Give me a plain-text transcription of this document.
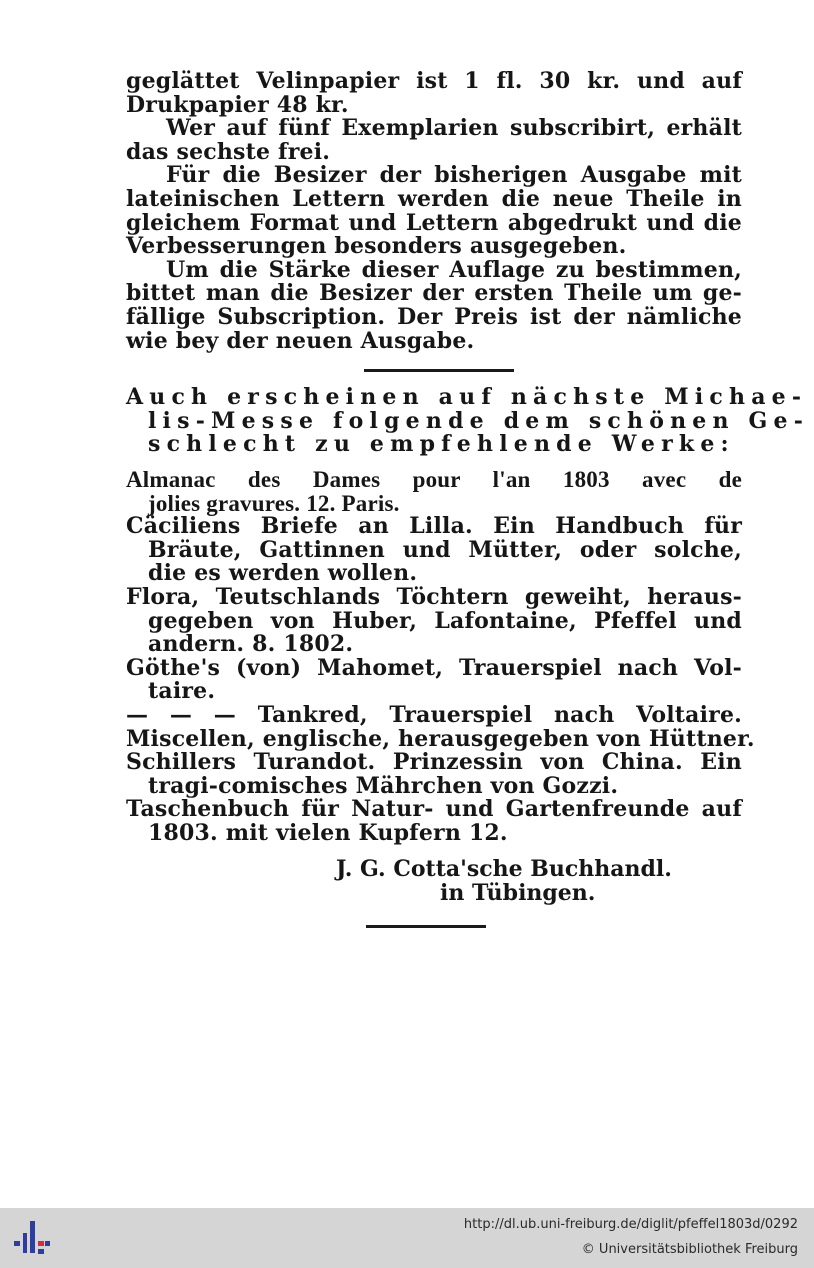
geglättet Velinpapier ist 1 fl. 30 kr. und auf
Drukpapier 48 kr.
Wer auf fünf Exemplarien subscribirt, erhält
das sechste frei.
Für die Besizer der bisherigen Ausgabe mit
lateinischen Lettern werden die neue Theile in
gleichem Format und Lettern abgedrukt und die
Verbesserungen besonders ausgegeben.
Um die Stärke dieser Auflage zu bestimmen,
bittet man die Besizer der ersten Theile um ge-
fällige Subscription. Der Preis ist der nämliche
wie bey der neuen Ausgabe.
Auch erscheinen auf nächste Michae-
lis-Messe folgende dem schönen Ge-
schlecht zu empfehlende Werke:
Almanac des Dames pour l'an 1803 avec de
jolies gravures. 12. Paris.
Cäciliens Briefe an Lilla. Ein Handbuch für
Bräute, Gattinnen und Mütter, oder solche,
die es werden wollen.
Flora, Teutschlands Töchtern geweiht, heraus-
gegeben von Huber, Lafontaine, Pfeffel und
andern. 8. 1802.
Göthe's (von) Mahomet, Trauerspiel nach Vol-
taire.
— — — Tankred, Trauerspiel nach Voltaire.
Miscellen, englische, herausgegeben von Hüttner.
Schillers Turandot. Prinzessin von China. Ein
tragi-comisches Mährchen von Gozzi.
Taschenbuch für Natur- und Gartenfreunde auf
1803. mit vielen Kupfern 12.
J. G. Cotta'sche Buchhandl.
in Tübingen.
http://dl.ub.uni-freiburg.de/diglit/pfeffel1803d/0292
© Universitätsbibliothek Freiburg
